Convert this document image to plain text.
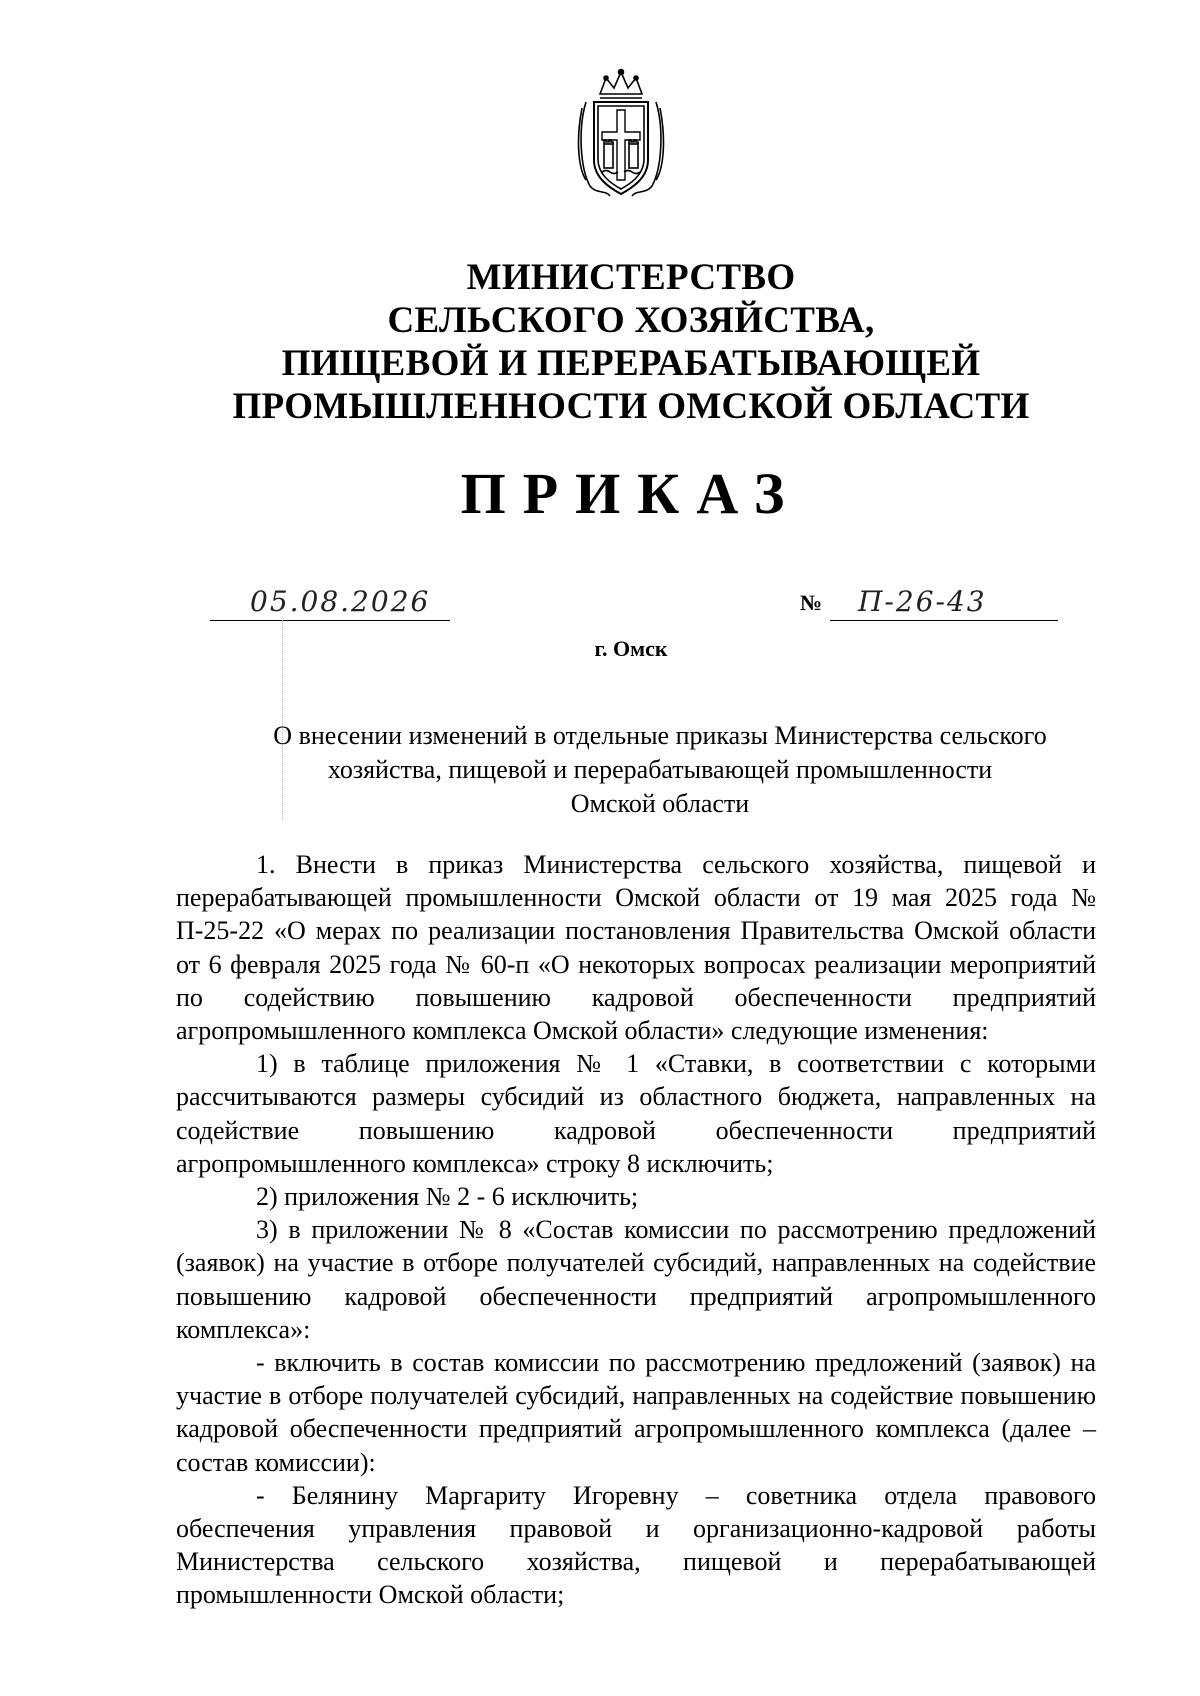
МИНИСТЕРСТВО
СЕЛЬСКОГО ХОЗЯЙСТВА,
ПИЩЕВОЙ И ПЕРЕРАБАТЫВАЮЩЕЙ
ПРОМЫШЛЕННОСТИ ОМСКОЙ ОБЛАСТИ
ПРИКАЗ
05.08.2026	№ П-26-43
г. Омск
О внесении изменений в отдельные приказы Министерства сельского
хозяйства, пищевой и перерабатывающей промышленности
Омской области

1. Внести в приказ Министерства сельского хозяйства, пищевой и перерабатывающей промышленности Омской области от 19 мая 2025 года № П-25-22 «О мерах по реализации постановления Правительства Омской области от 6 февраля 2025 года № 60-п «О некоторых вопросах реализации мероприятий по содействию повышению кадровой обеспеченности предприятий агропромышленного комплекса Омской области» следующие изменения:

1) в таблице приложения № 1 «Ставки, в соответствии с которыми рассчитываются размеры субсидий из областного бюджета, направленных на содействие повышению кадровой обеспеченности предприятий агропромышленного комплекса» строку 8 исключить;

2) приложения № 2 - 6 исключить;

3) в приложении № 8 «Состав комиссии по рассмотрению предложений (заявок) на участие в отборе получателей субсидий, направленных на содействие повышению кадровой обеспеченности предприятий агропромышленного комплекса»:

- включить в состав комиссии по рассмотрению предложений (заявок) на участие в отборе получателей субсидий, направленных на содействие повышению кадровой обеспеченности предприятий агропромышленного комплекса (далее – состав комиссии):

- Белянину Маргариту Игоревну – советника отдела правового обеспечения управления правовой и организационно-кадровой работы Министерства сельского хозяйства, пищевой и перерабатывающей промышленности Омской области;
